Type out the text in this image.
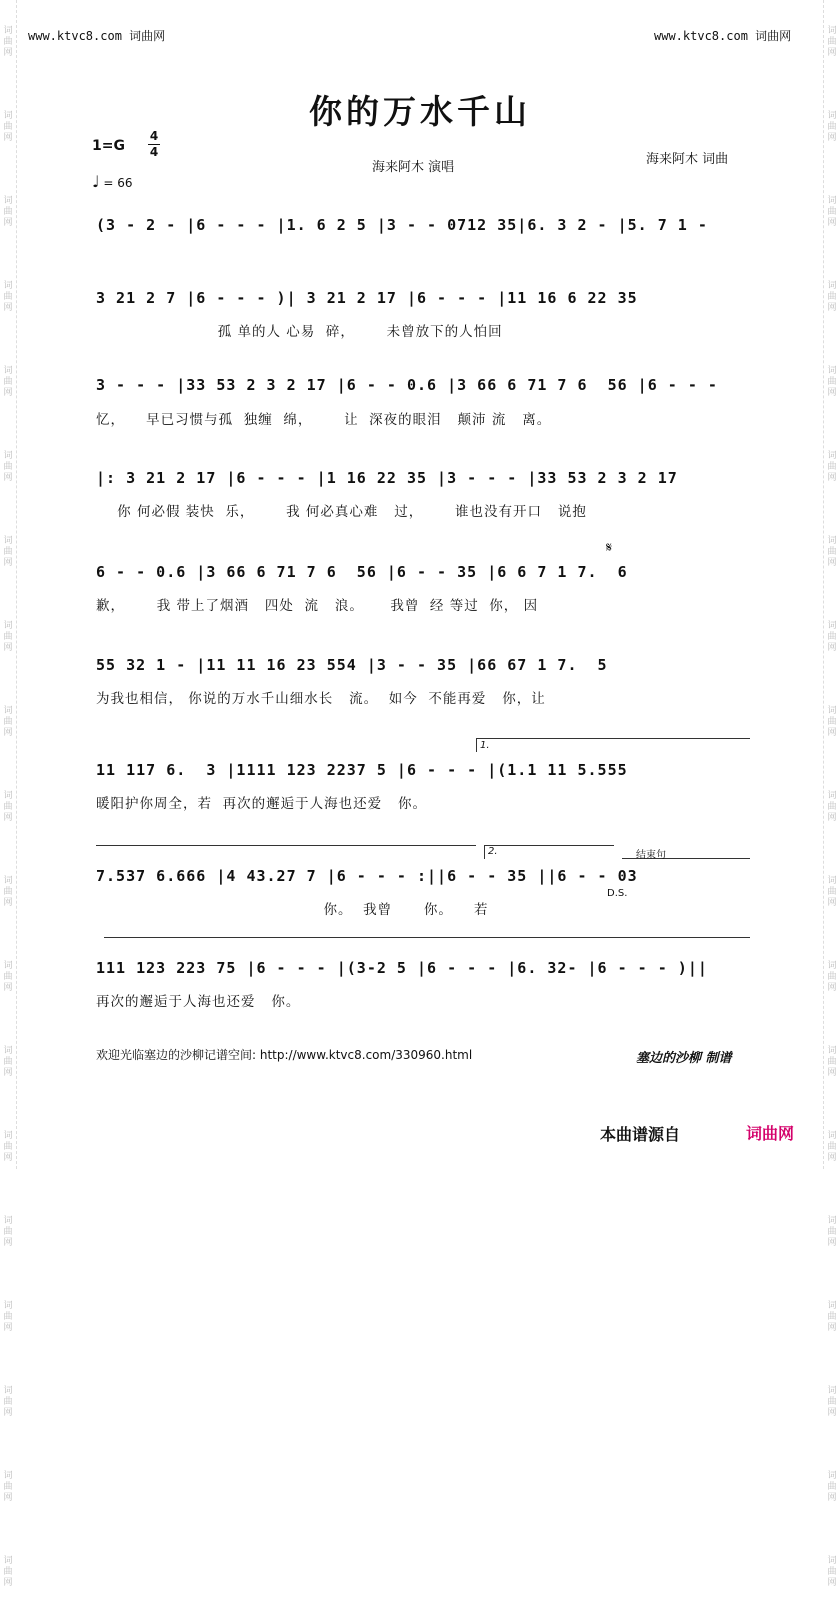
词
曲
网

词
曲
网

词
曲
网

词
曲
网

词
曲
网

词
曲
网

词
曲
网

词
曲
网

词
曲
网

词
曲
网

词
曲
网

词
曲
网

词
曲
网

词
曲
网

词
曲
网

词
曲
网

词
曲
网

词
曲
网

词
曲
网

词
曲
网

词
曲
网

词
曲
网

词
曲
网

词
曲
网

词
曲
网

词
曲
网

词
曲
网

词
曲
网

词
曲
网

词
曲
网

词
曲
网

词
曲
网

词
曲
网

词
曲
网

词
曲
网

词
曲
网

词
曲
网

词
曲
网

www.ktvc8.com 词曲网	www.ktvc8.com 词曲网
你的万水千山
1=G
4
4
♩ = 66
海来阿木 演唱
海来阿木 词曲
(3 - 2 - |6 - - - |1. 6 2 5 |3 - - 0712 35|6. 3 2 - |5. 7 1 -
3 21 2 7 |6 - - - )| 3 21 2 17 |6 - - - |11 16 6 22 35
孤 单的人 心易  碎，      未曾放下的人怕回
3 - - - |33 53 2 3 2 17 |6 - - 0.6 |3 66 6 71 7 6  56 |6 - - -
忆，    早已习惯与孤  独缠  绵，      让  深夜的眼泪   颠沛 流   离。
|: 3 21 2 17 |6 - - - |1 16 22 35 |3 - - - |33 53 2 3 2 17
你 何必假 装快  乐，      我 何必真心难   过，      谁也没有开口   说抱
6 - - 0.6 |3 66 6 71 7 6  56 |6 - - 35 |6 6 7 1 7.  6
歉，      我 带上了烟酒   四处  流   浪。     我曾  经 等过  你， 因
𝄋
55 32 1 - |11 11 16 23 554 |3 - - 35 |66 67 1 7.  5
为我也相信， 你说的万水千山细水长   流。  如今  不能再爱   你，让
1.
11 117 6.  3 |1111 123 2237 5 |6 - - - |(1.1 11 5.555
暖阳护你周全，若  再次的邂逅于人海也还爱   你。
2.	结束句
7.537 6.666 |4 43.27 7 |6 - - - :||6 - - 35 ||6 - - 03
D.S.
你。  我曾      你。    若
111 123 223 75 |6 - - - |(3-2 5 |6 - - - |6. 32- |6 - - - )||
再次的邂逅于人海也还爱   你。
欢迎光临塞边的沙柳记谱空间: http://www.ktvc8.com/330960.html	塞边的沙柳 制谱
本曲谱源自	词曲网
